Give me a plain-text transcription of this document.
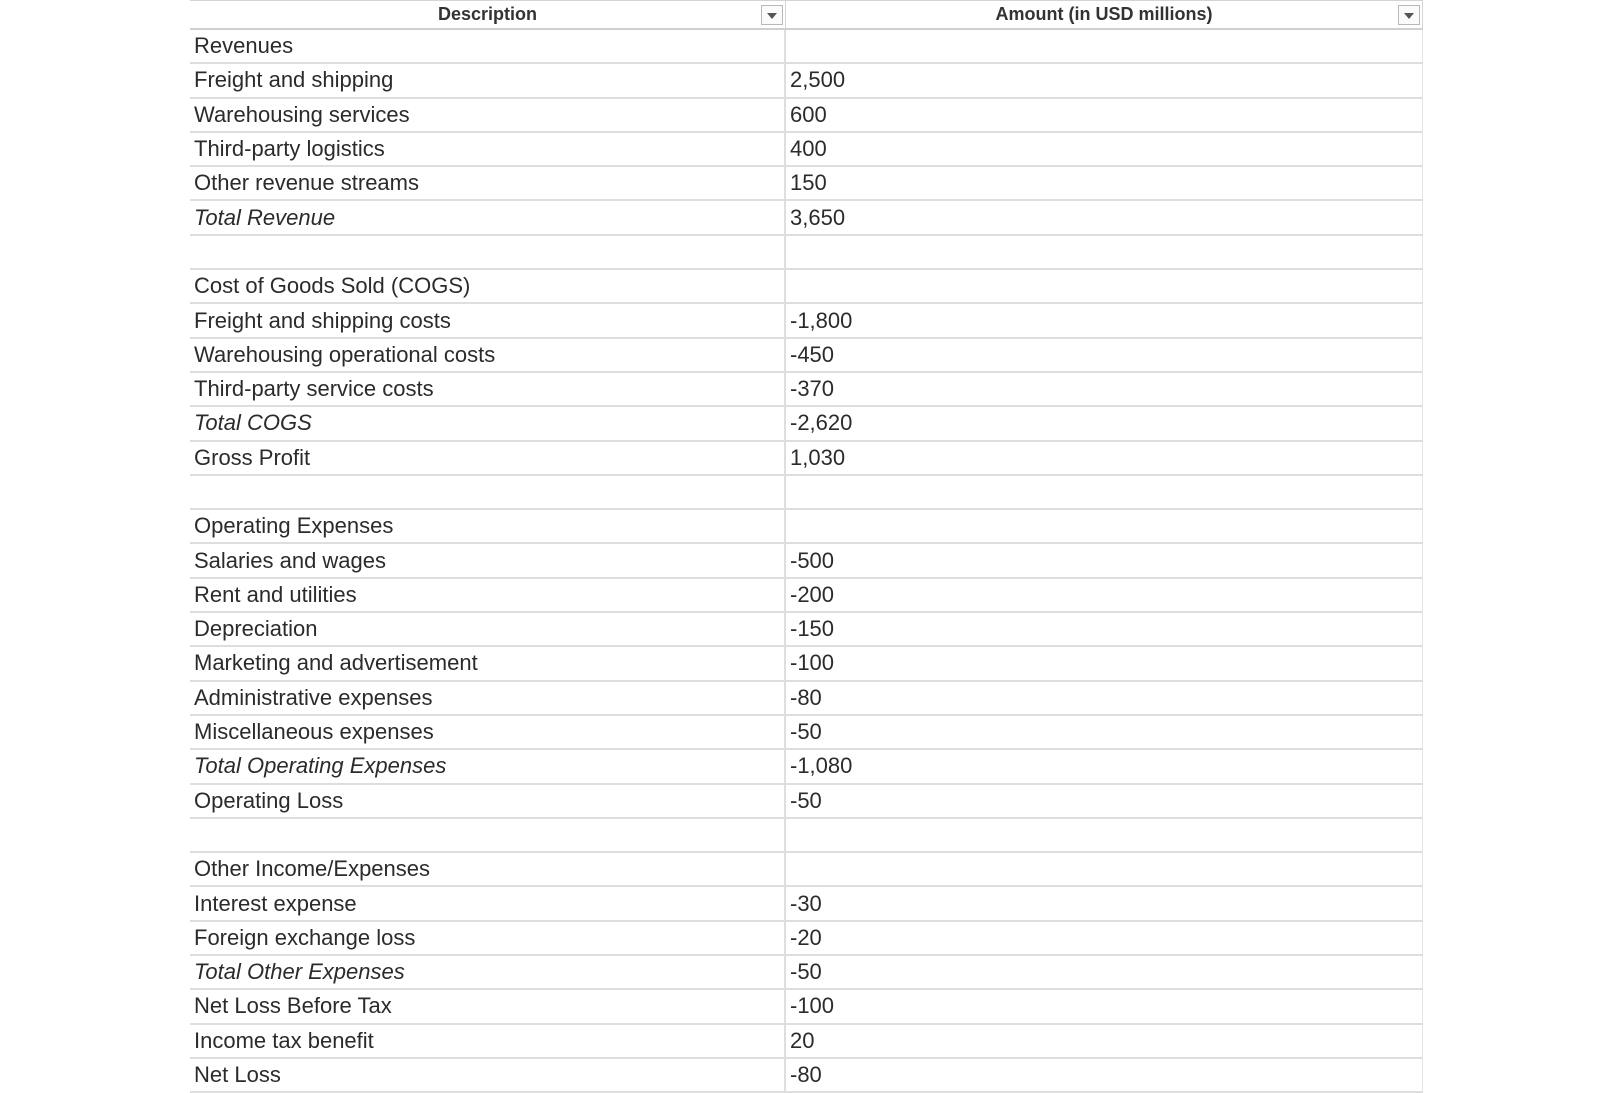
Description	Amount (in USD millions)
Revenues
Freight and shipping	2,500
Warehousing services	600
Third-party logistics	400
Other revenue streams	150
Total Revenue	3,650
Cost of Goods Sold (COGS)
Freight and shipping costs	-1,800
Warehousing operational costs	-450
Third-party service costs	-370
Total COGS	-2,620
Gross Profit	1,030
Operating Expenses
Salaries and wages	-500
Rent and utilities	-200
Depreciation	-150
Marketing and advertisement	-100
Administrative expenses	-80
Miscellaneous expenses	-50
Total Operating Expenses	-1,080
Operating Loss	-50
Other Income/Expenses
Interest expense	-30
Foreign exchange loss	-20
Total Other Expenses	-50
Net Loss Before Tax	-100
Income tax benefit	20
Net Loss	-80
